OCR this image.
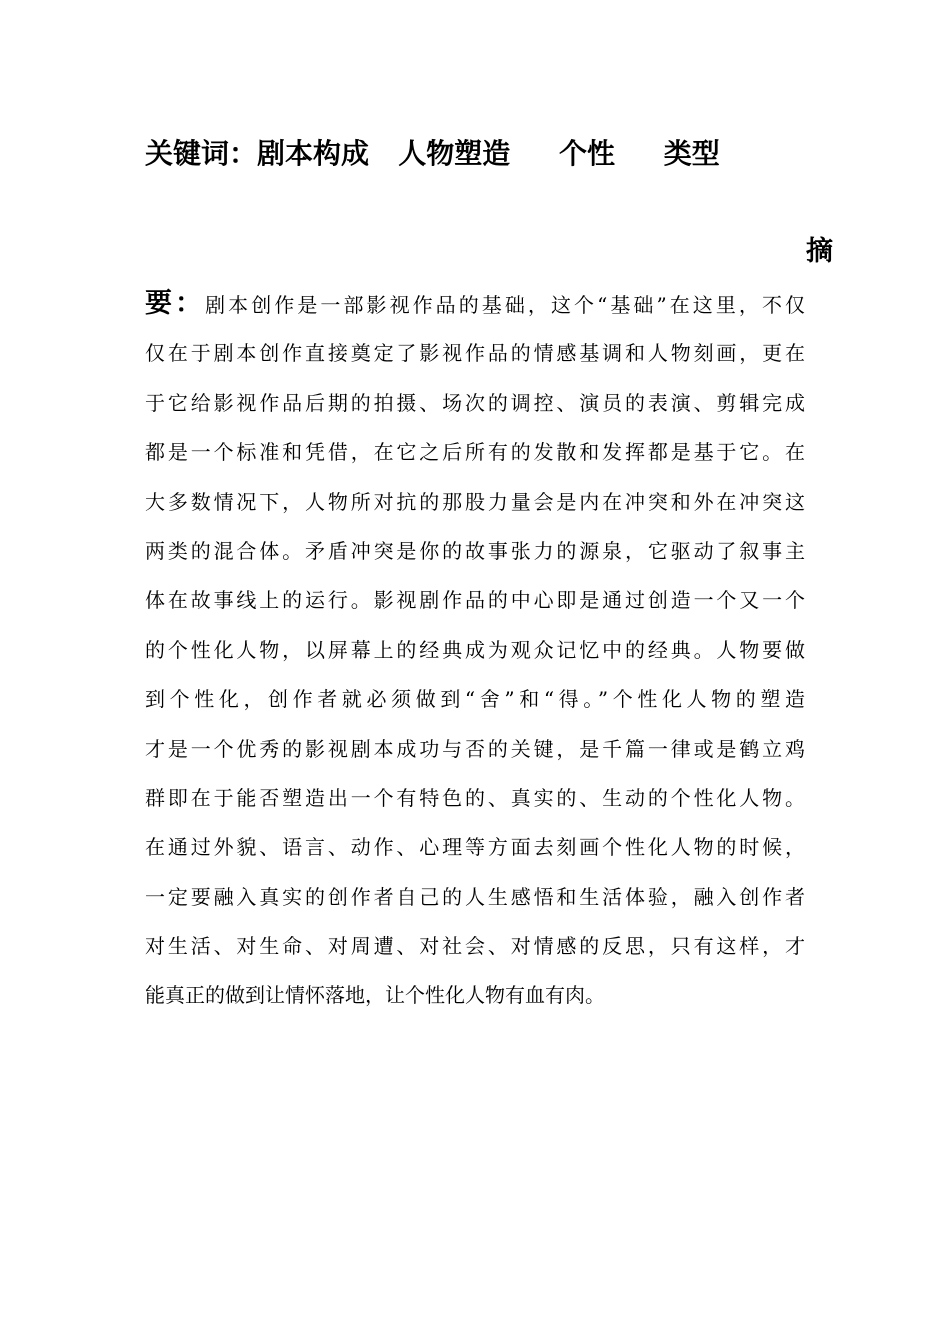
关键词：剧本构成   人物塑造     个性     类型
摘
要：剧本创作是一部影视作品的基础，这个“基础”在这里，不仅
仅在于剧本创作直接奠定了影视作品的情感基调和人物刻画，更在
于它给影视作品后期的拍摄、场次的调控、演员的表演、剪辑完成
都是一个标准和凭借，在它之后所有的发散和发挥都是基于它。在
大多数情况下，人物所对抗的那股力量会是内在冲突和外在冲突这
两类的混合体。矛盾冲突是你的故事张力的源泉，它驱动了叙事主
体在故事线上的运行。影视剧作品的中心即是通过创造一个又一个
的个性化人物，以屏幕上的经典成为观众记忆中的经典。人物要做
到个性化，创作者就必须做到“舍”和“得。”个性化人物的塑造
才是一个优秀的影视剧本成功与否的关键，是千篇一律或是鹤立鸡
群即在于能否塑造出一个有特色的、真实的、生动的个性化人物。
在通过外貌、语言、动作、心理等方面去刻画个性化人物的时候，
一定要融入真实的创作者自己的人生感悟和生活体验，融入创作者
对生活、对生命、对周遭、对社会、对情感的反思，只有这样，才
能真正的做到让情怀落地，让个性化人物有血有肉。
